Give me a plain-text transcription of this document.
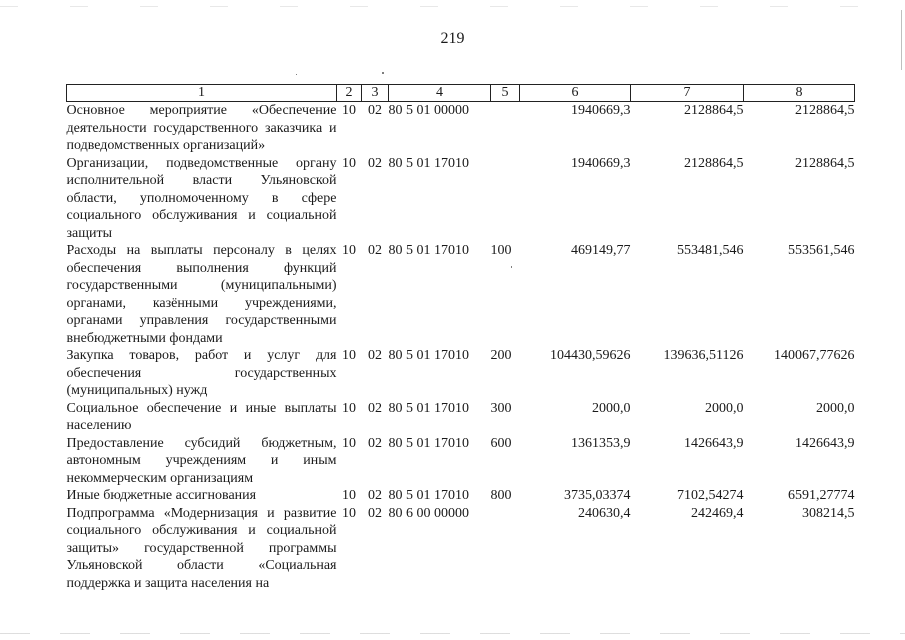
219
1	2	3	4	5	6	7	8
Основное мероприятие «Обеспечение деятельности государственного заказчика и подведомственных организаций»	10	02	80 5 01 00000		1940669,3	2128864,5	2128864,5
Организации, подведомственные органу исполнительной власти Ульяновской области, уполномоченному в сфере социального обслуживания и социальной защиты	10	02	80 5 01 17010		1940669,3	2128864,5	2128864,5
Расходы на выплаты персоналу в целях обеспечения выполнения функций государственными (муниципальными) органами, казёнными учреждениями, органами управления государственными внебюджетными фондами	10	02	80 5 01 17010	100	469149,77	553481,546	553561,546
Закупка товаров, работ и услуг для обеспечения государственных (муниципальных) нужд	10	02	80 5 01 17010	200	104430,59626	139636,51126	140067,77626
Социальное обеспечение и иные выплаты населению	10	02	80 5 01 17010	300	2000,0	2000,0	2000,0
Предоставление субсидий бюджетным, автономным учреждениям и иным некоммерческим организациям	10	02	80 5 01 17010	600	1361353,9	1426643,9	1426643,9
Иные бюджетные ассигнования	10	02	80 5 01 17010	800	3735,03374	7102,54274	6591,27774
Подпрограмма «Модернизация и развитие социального обслуживания и социальной защиты» государственной программы Ульяновской области «Социальная поддержка и защита населения на	10	02	80 6 00 00000		240630,4	242469,4	308214,5
